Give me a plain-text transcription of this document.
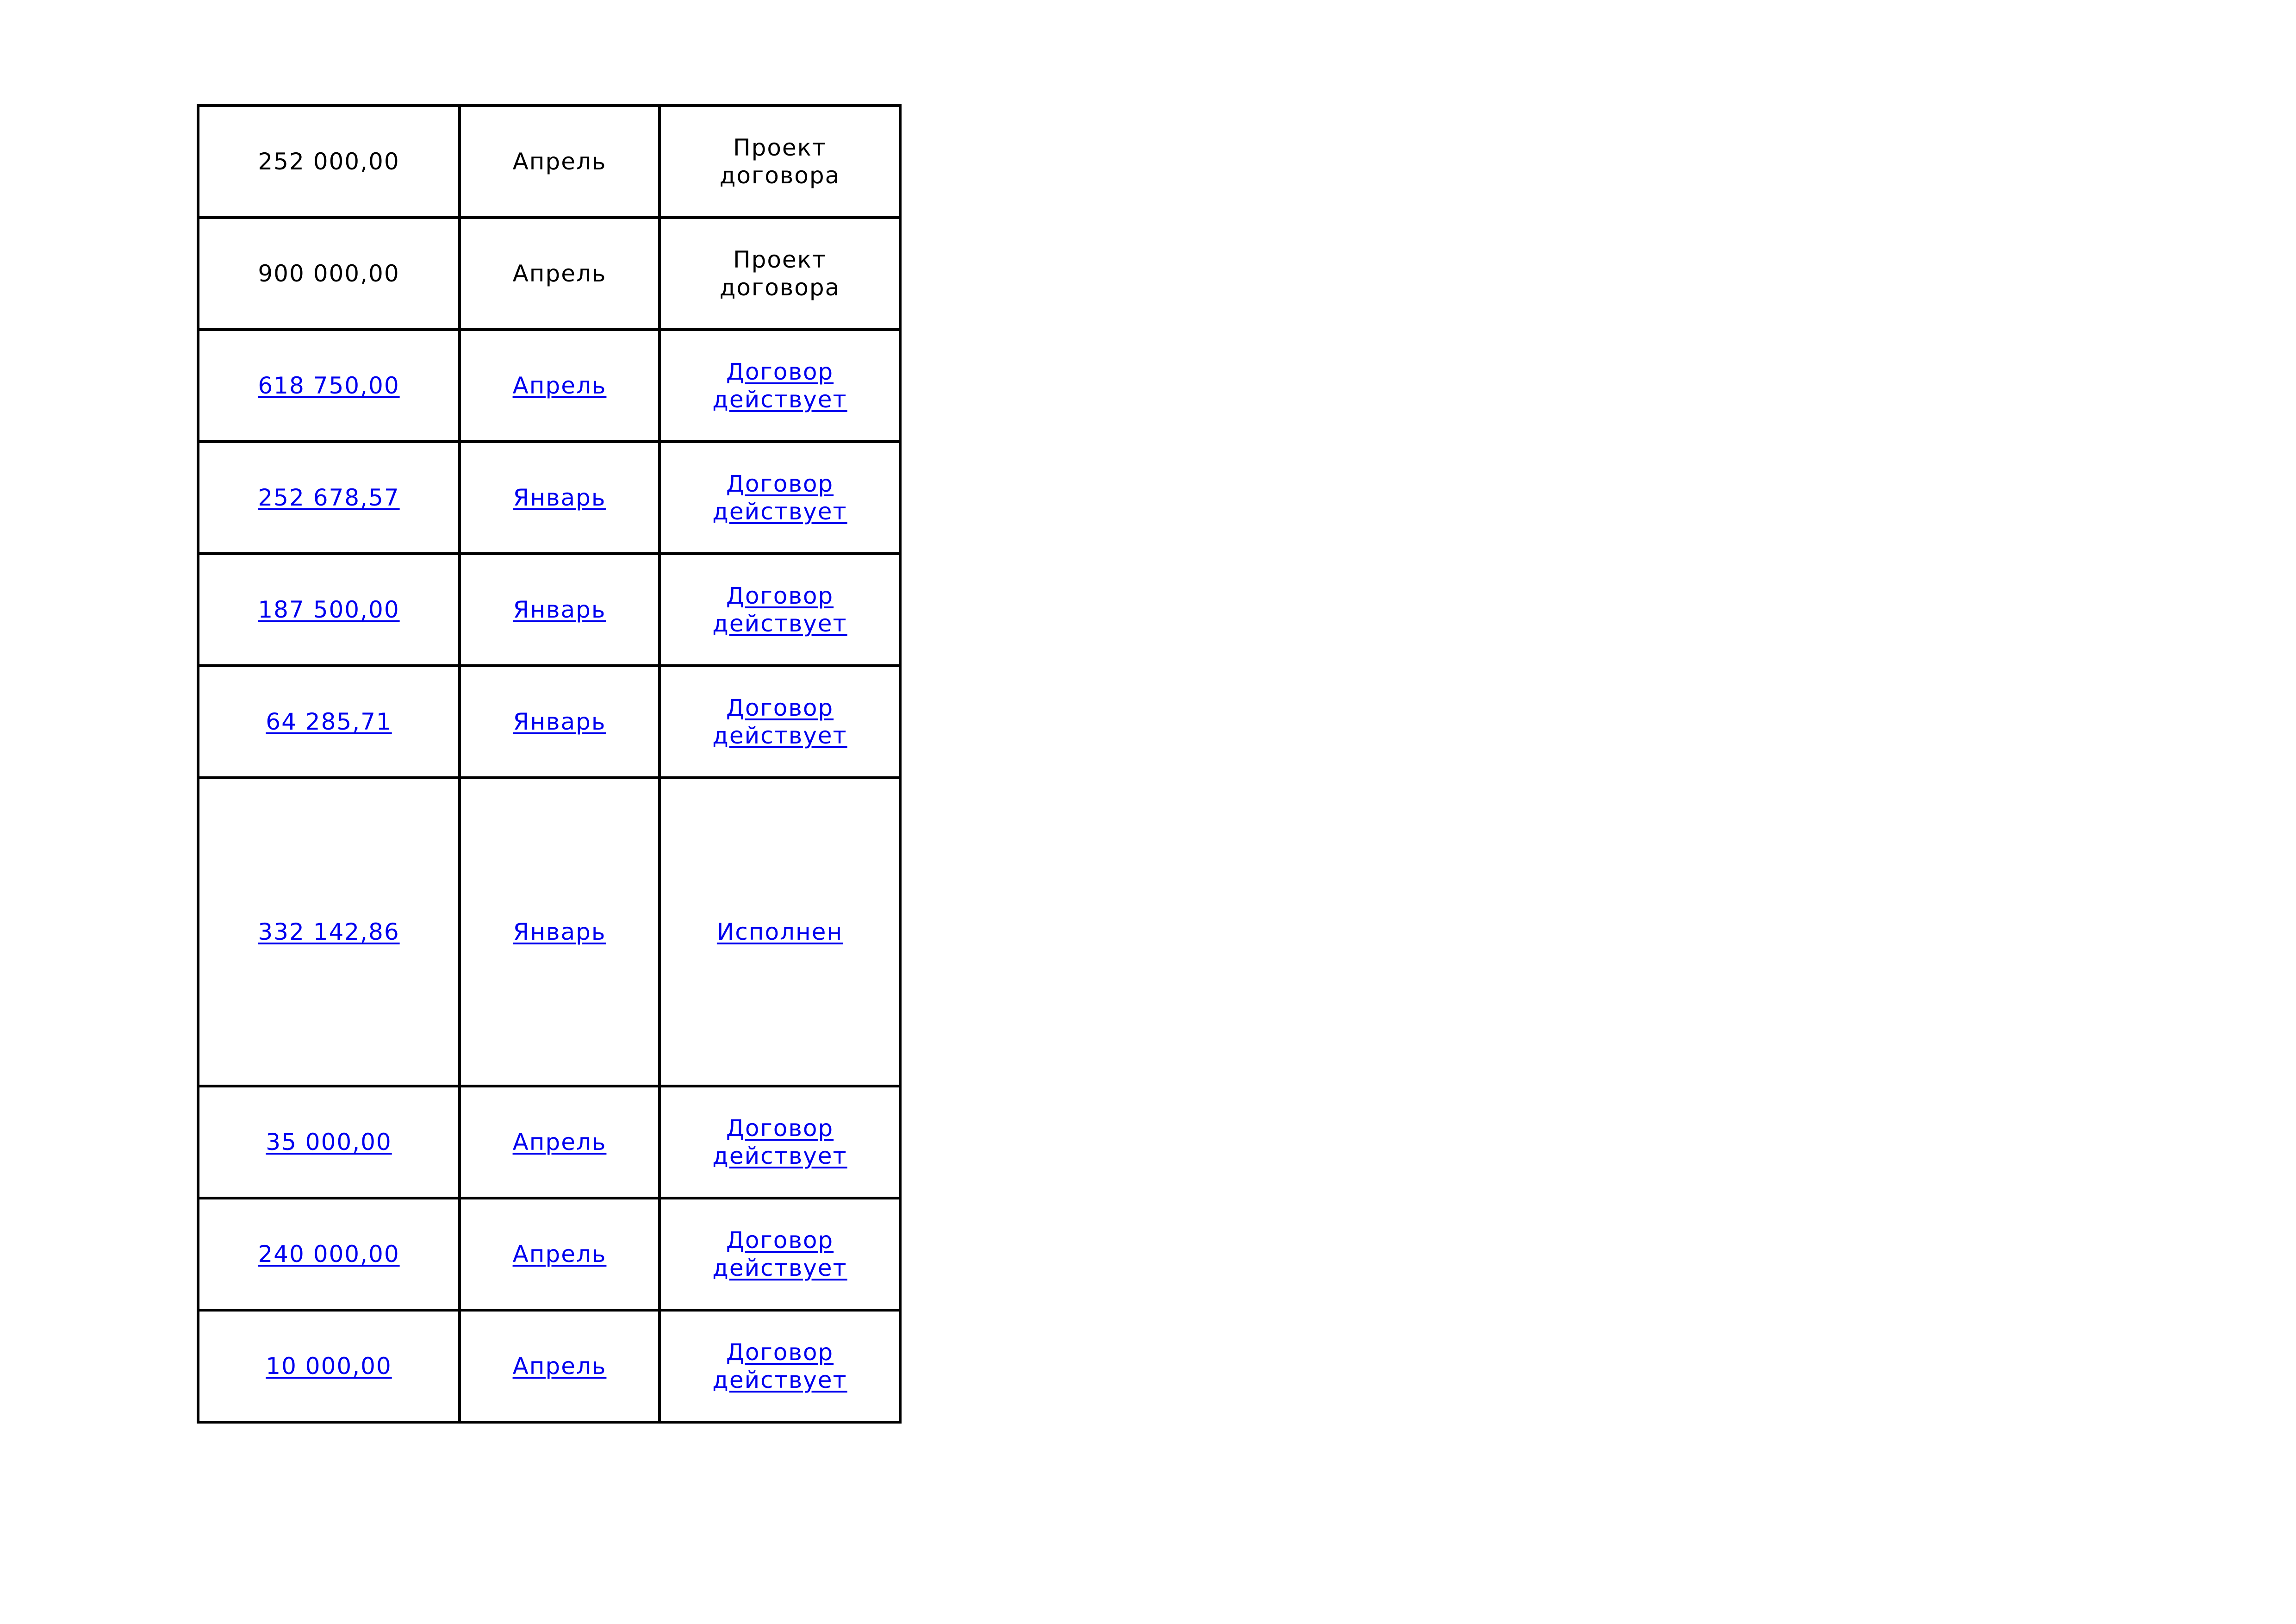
252 000,00	Апрель	Проект договора
900 000,00	Апрель	Проект договора
618 750,00	Апрель	Договор действует
252 678,57	Январь	Договор действует
187 500,00	Январь	Договор действует
64 285,71	Январь	Договор действует
332 142,86	Январь	Исполнен
35 000,00	Апрель	Договор действует
240 000,00	Апрель	Договор действует
10 000,00	Апрель	Договор действует
